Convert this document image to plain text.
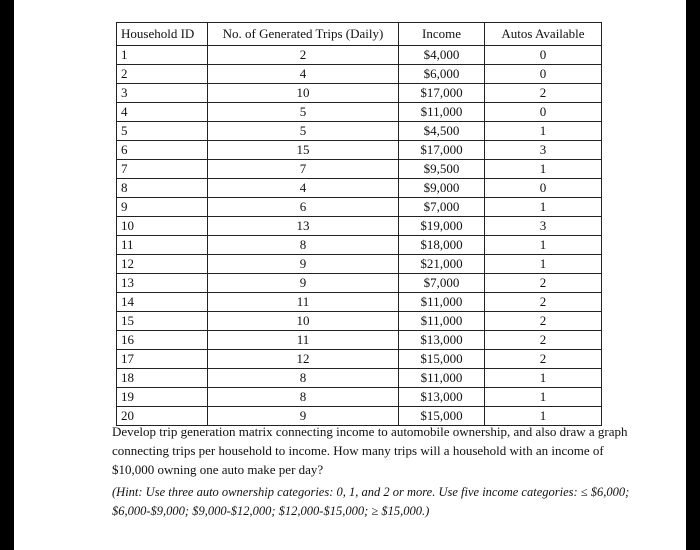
Household ID	No. of Generated Trips (Daily)	Income	Autos Available
1	2	$4,000	0
2	4	$6,000	0
3	10	$17,000	2
4	5	$11,000	0
5	5	$4,500	1
6	15	$17,000	3
7	7	$9,500	1
8	4	$9,000	0
9	6	$7,000	1
10	13	$19,000	3
11	8	$18,000	1
12	9	$21,000	1
13	9	$7,000	2
14	11	$11,000	2
15	10	$11,000	2
16	11	$13,000	2
17	12	$15,000	2
18	8	$11,000	1
19	8	$13,000	1
20	9	$15,000	1

Develop trip generation matrix connecting income to automobile ownership, and also draw a graph connecting trips per household to income. How many trips will a household with an income of $10,000 owning one auto make per day?

(Hint: Use three auto ownership categories: 0, 1, and 2 or more. Use five income categories: ≤ $6,000; $6,000-$9,000; $9,000-$12,000; $12,000-$15,000; ≥ $15,000.)
